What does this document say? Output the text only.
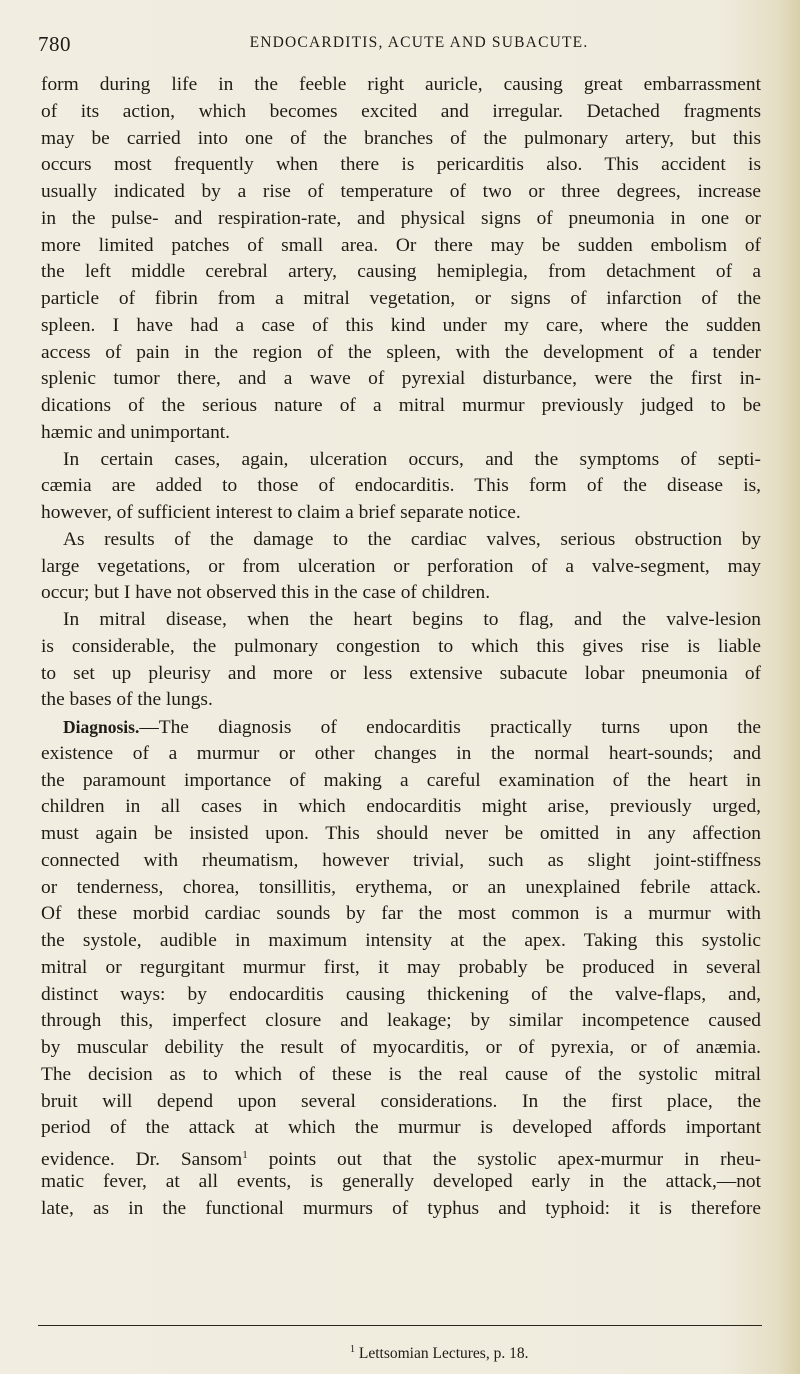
780	ENDOCARDITIS, ACUTE AND SUBACUTE.
form during life in the feeble right auricle, causing great embarrassment
of its action, which becomes excited and irregular. Detached fragments
may be carried into one of the branches of the pulmonary artery, but this
occurs most frequently when there is pericarditis also. This accident is
usually indicated by a rise of temperature of two or three degrees, increase
in the pulse- and respiration-rate, and physical signs of pneumonia in one or
more limited patches of small area. Or there may be sudden embolism of
the left middle cerebral artery, causing hemiplegia, from detachment of a
particle of fibrin from a mitral vegetation, or signs of infarction of the
spleen. I have had a case of this kind under my care, where the sudden
access of pain in the region of the spleen, with the development of a tender
splenic tumor there, and a wave of pyrexial disturbance, were the first in-
dications of the serious nature of a mitral murmur previously judged to be
hæmic and unimportant.
In certain cases, again, ulceration occurs, and the symptoms of septi-
cæmia are added to those of endocarditis. This form of the disease is,
however, of sufficient interest to claim a brief separate notice.
As results of the damage to the cardiac valves, serious obstruction by
large vegetations, or from ulceration or perforation of a valve-segment, may
occur; but I have not observed this in the case of children.
In mitral disease, when the heart begins to flag, and the valve-lesion
is considerable, the pulmonary congestion to which this gives rise is liable
to set up pleurisy and more or less extensive subacute lobar pneumonia of
the bases of the lungs.
Diagnosis.—The diagnosis of endocarditis practically turns upon the
existence of a murmur or other changes in the normal heart-sounds; and
the paramount importance of making a careful examination of the heart in
children in all cases in which endocarditis might arise, previously urged,
must again be insisted upon. This should never be omitted in any affection
connected with rheumatism, however trivial, such as slight joint-stiffness
or tenderness, chorea, tonsillitis, erythema, or an unexplained febrile attack.
Of these morbid cardiac sounds by far the most common is a murmur with
the systole, audible in maximum intensity at the apex. Taking this systolic
mitral or regurgitant murmur first, it may probably be produced in several
distinct ways: by endocarditis causing thickening of the valve-flaps, and,
through this, imperfect closure and leakage; by similar incompetence caused
by muscular debility the result of myocarditis, or of pyrexia, or of anæmia.
The decision as to which of these is the real cause of the systolic mitral
bruit will depend upon several considerations. In the first place, the
period of the attack at which the murmur is developed affords important
evidence. Dr. Sansom$^1$ points out that the systolic apex-murmur in rheu-
matic fever, at all events, is generally developed early in the attack,—not
late, as in the functional murmurs of typhus and typhoid: it is therefore
$^1$ Lettsomian Lectures, p. 18.
